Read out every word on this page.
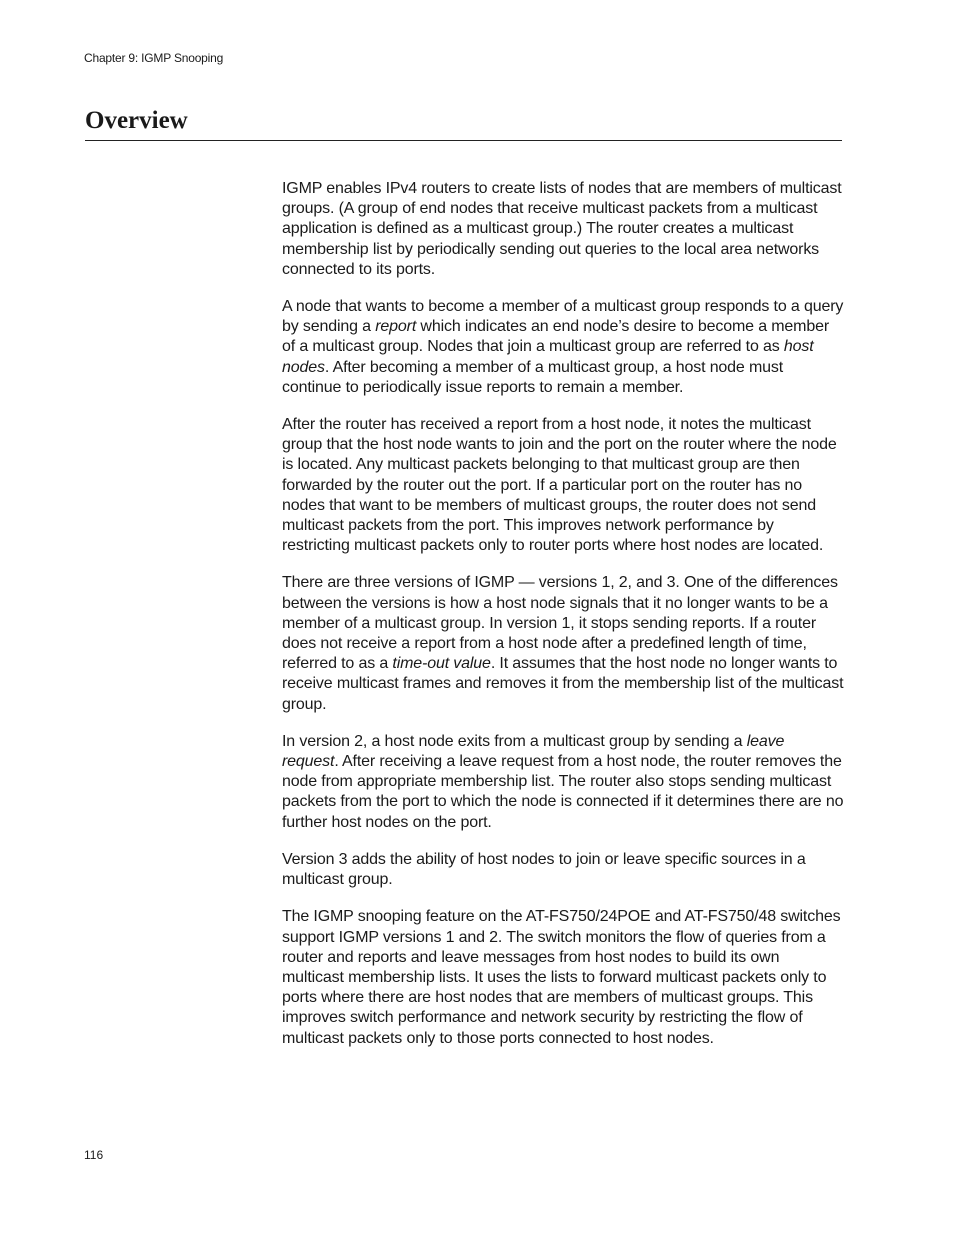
Chapter 9: IGMP Snooping
Overview

IGMP enables IPv4 routers to create lists of nodes that are members of multicast groups. (A group of end nodes that receive multicast packets from a multicast application is defined as a multicast group.) The router creates a multicast membership list by periodically sending out queries to the local area networks connected to its ports.

A node that wants to become a member of a multicast group responds to a query by sending a report which indicates an end node’s desire to become a member of a multicast group. Nodes that join a multicast group are referred to as host nodes. After becoming a member of a multicast group, a host node must continue to periodically issue reports to remain a member.

After the router has received a report from a host node, it notes the multicast group that the host node wants to join and the port on the router where the node is located. Any multicast packets belonging to that multicast group are then forwarded by the router out the port. If a particular port on the router has no nodes that want to be members of multicast groups, the router does not send multicast packets from the port. This improves network performance by restricting multicast packets only to router ports where host nodes are located.

There are three versions of IGMP — versions 1, 2, and 3. One of the differences between the versions is how a host node signals that it no longer wants to be a member of a multicast group. In version 1, it stops sending reports. If a router does not receive a report from a host node after a predefined length of time, referred to as a time-out value. It assumes that the host node no longer wants to receive multicast frames and removes it from the membership list of the multicast group.

In version 2, a host node exits from a multicast group by sending a leave request. After receiving a leave request from a host node, the router removes the node from appropriate membership list. The router also stops sending multicast packets from the port to which the node is connected if it determines there are no further host nodes on the port.

Version 3 adds the ability of host nodes to join or leave specific sources in a multicast group.

The IGMP snooping feature on the AT-FS750/24POE and AT-FS750/48 switches support IGMP versions 1 and 2. The switch monitors the flow of queries from a router and reports and leave messages from host nodes to build its own multicast membership lists. It uses the lists to forward multicast packets only to ports where there are host nodes that are members of multicast groups. This improves switch performance and network security by restricting the flow of multicast packets only to those ports connected to host nodes.

116
